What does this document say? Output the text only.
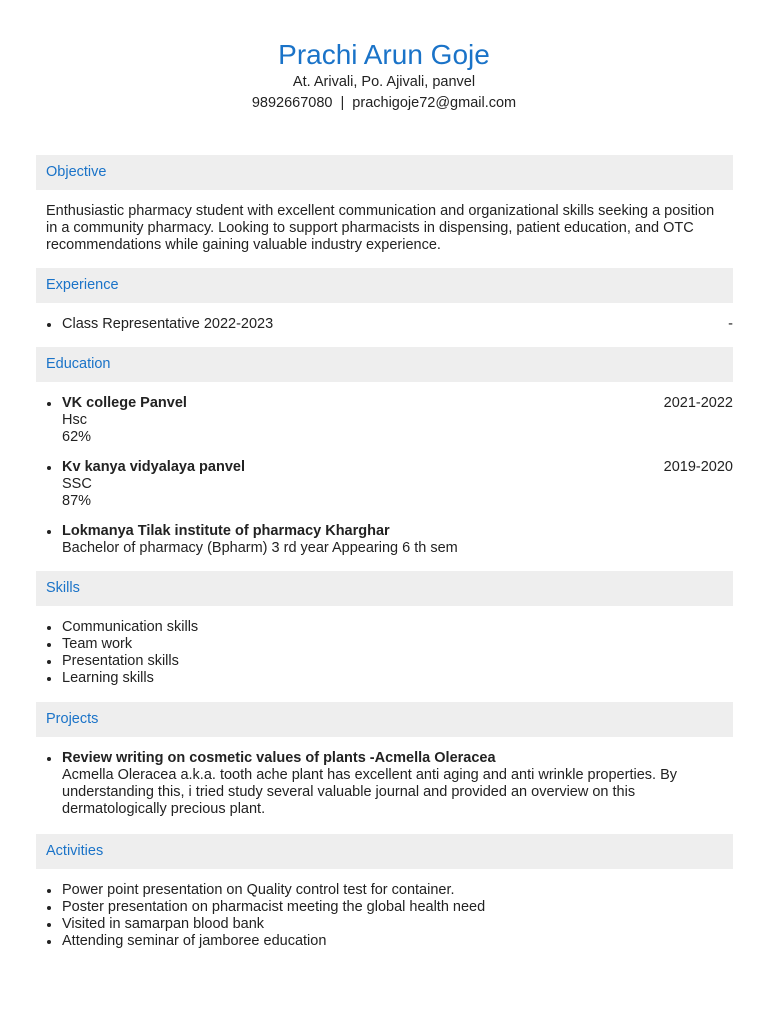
Prachi Arun Goje
At. Arivali, Po. Ajivali, panvel
9892667080 | prachigoje72@gmail.com
Objective
Enthusiastic pharmacy student with excellent communication and organizational skills seeking a position in a community pharmacy. Looking to support pharmacists in dispensing, patient education, and OTC recommendations while gaining valuable industry experience.
Experience
Class Representative 2022-2023	-
Education
VK college Panvel	2021-2022
Hsc
62%
Kv kanya vidyalaya panvel	2019-2020
SSC
87%
Lokmanya Tilak institute of pharmacy Kharghar
Bachelor of pharmacy (Bpharm) 3 rd year Appearing 6 th sem
Skills
Communication skills
Team work
Presentation skills
Learning skills
Projects
Review writing on cosmetic values of plants -Acmella Oleracea
Acmella Oleracea a.k.a. tooth ache plant has excellent anti aging and anti wrinkle properties. By understanding this, i tried study several valuable journal and provided an overview on this dermatologically precious plant.
Activities
Power point presentation on Quality control test for container.
Poster presentation on pharmacist meeting the global health need
Visited in samarpan blood bank
Attending seminar of jamboree education
